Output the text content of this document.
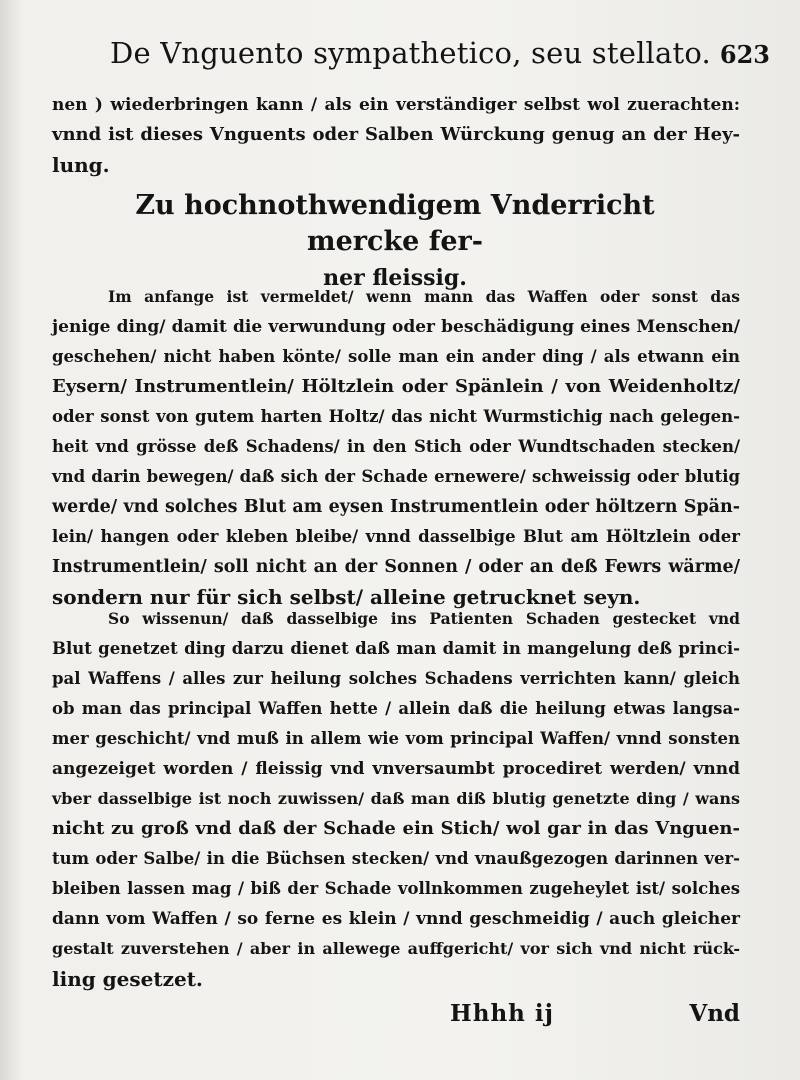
De Vnguento sympathetico, seu stellato. 623
nen ) wiederbringen kann / als ein verständiger selbst wol zuerachten:
vnnd ist dieses Vnguents oder Salben Würckung genug an der Hey-
lung.
Zu hochnothwendigem Vnderricht mercke fer-
ner fleissig.
Im anfange ist vermeldet/ wenn mann das Waffen oder sonst das
jenige ding/ damit die verwundung oder beschädigung eines Menschen/
geschehen/ nicht haben könte/ solle man ein ander ding / als etwann ein
Eysern/ Instrumentlein/ Höltzlein oder Spänlein / von Weidenholtz/
oder sonst von gutem harten Holtz/ das nicht Wurmstichig nach gelegen-
heit vnd grösse deß Schadens/ in den Stich oder Wundtschaden stecken/
vnd darin bewegen/ daß sich der Schade ernewere/ schweissig oder blutig
werde/ vnd solches Blut am eysen Instrumentlein oder höltzern Spän-
lein/ hangen oder kleben bleibe/ vnnd dasselbige Blut am Höltzlein oder
Instrumentlein/ soll nicht an der Sonnen / oder an deß Fewrs wärme/
sondern nur für sich selbst/ alleine getrucknet seyn.
So wissenun/ daß dasselbige ins Patienten Schaden gestecket vnd
Blut genetzet ding darzu dienet daß man damit in mangelung deß princi-
pal Waffens / alles zur heilung solches Schadens verrichten kann/ gleich
ob man das principal Waffen hette / allein daß die heilung etwas langsa-
mer geschicht/ vnd muß in allem wie vom principal Waffen/ vnnd sonsten
angezeiget worden / fleissig vnd vnversaumbt procediret werden/ vnnd
vber dasselbige ist noch zuwissen/ daß man diß blutig genetzte ding / wans
nicht zu groß vnd daß der Schade ein Stich/ wol gar in das Vnguen-
tum oder Salbe/ in die Büchsen stecken/ vnd vnaußgezogen darinnen ver-
bleiben lassen mag / biß der Schade vollnkommen zugeheylet ist/ solches
dann vom Waffen / so ferne es klein / vnnd geschmeidig / auch gleicher
gestalt zuverstehen / aber in allewege auffgericht/ vor sich vnd nicht rück-
ling gesetzet.
Hhhh ij	Vnd
